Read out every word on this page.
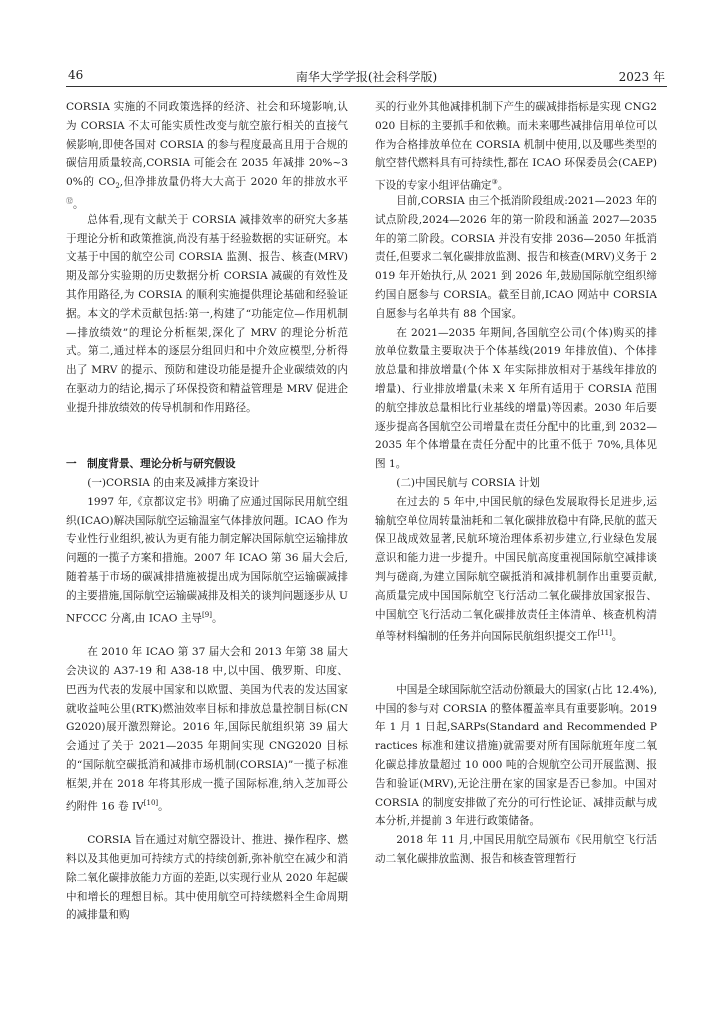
46	南华大学学报(社会科学版)	2023 年

CORSIA 实施的不同政策选择的经济、社会和环境影响,认为 CORSIA 不太可能实质性改变与航空旅行相关的直接气候影响,即使各国对 CORSIA 的参与程度最高且用于合规的碳信用质量较高,CORSIA 可能会在 2035 年减排 20%~30%的 $CO_2$,但净排放量仍将大大高于 2020 年的排放水平⑫。

总体看,现有文献关于 CORSIA 减排效率的研究大多基于理论分析和政策推演,尚没有基于经验数据的实证研究。本文基于中国的航空公司 CORSIA 监测、报告、核查(MRV)期及部分实验期的历史数据分析 CORSIA 减碳的有效性及其作用路径,为 CORSIA 的顺利实施提供理论基础和经验证据。本文的学术贡献包括:第一,构建了“功能定位—作用机制—排放绩效”的理论分析框架,深化了 MRV 的理论分析范式。第二,通过样本的逐层分组回归和中介效应模型,分析得出了 MRV 的提示、预防和建设功能是提升企业碳绩效的内在驱动力的结论,揭示了环保投资和精益管理是 MRV 促进企业提升排放绩效的传导机制和作用路径。

一　制度背景、理论分析与研究假设

(一)CORSIA 的由来及减排方案设计

1997 年,《京都议定书》明确了应通过国际民用航空组织(ICAO)解决国际航空运输温室气体排放问题。ICAO 作为专业性行业组织,被认为更有能力制定解决国际航空运输排放问题的一揽子方案和措施。2007 年 ICAO 第 36 届大会后,随着基于市场的碳减排措施被提出成为国际航空运输碳减排的主要措施,国际航空运输碳减排及相关的谈判问题逐步从 UNFCCC 分离,由 ICAO 主导[9]。

在 2010 年 ICAO 第 37 届大会和 2013 年第 38 届大会决议的 A37-19 和 A38-18 中,以中国、俄罗斯、印度、巴西为代表的发展中国家和以欧盟、美国为代表的发达国家就收益吨公里(RTK)燃油效率目标和排放总量控制目标(CNG2020)展开激烈辩论。2016 年,国际民航组织第 39 届大会通过了关于 2021—2035 年期间实现 CNG2020 目标的“国际航空碳抵消和减排市场机制(CORSIA)”一揽子标准框架,并在 2018 年将其形成一揽子国际标准,纳入芝加哥公约附件 16 卷 IV[10]。

CORSIA 旨在通过对航空器设计、推进、操作程序、燃料以及其他更加可持续方式的持续创新,弥补航空在减少和消除二氧化碳排放能力方面的差距,以实现行业从 2020 年起碳中和增长的理想目标。其中使用航空可持续燃料全生命周期的减排量和购

买的行业外其他减排机制下产生的碳减排指标是实现 CNG2020 目标的主要抓手和依赖。而未来哪些减排信用单位可以作为合格排放单位在 CORSIA 机制中使用,以及哪些类型的航空替代燃料具有可持续性,都在 ICAO 环保委员会(CAEP)下设的专家小组评估确定③。

目前,CORSIA 由三个抵消阶段组成:2021—2023 年的试点阶段,2024—2026 年的第一阶段和涵盖 2027—2035 年的第二阶段。CORSIA 并没有安排 2036—2050 年抵消责任,但要求二氧化碳排放监测、报告和核查(MRV)义务于 2019 年开始执行,从 2021 到 2026 年,鼓励国际航空组织缔约国自愿参与 CORSIA。截至目前,ICAO 网站中 CORSIA 自愿参与名单共有 88 个国家。

在 2021—2035 年期间,各国航空公司(个体)购买的排放单位数量主要取决于个体基线(2019 年排放值)、个体排放总量和排放增量(个体 X 年实际排放相对于基线年排放的增量)、行业排放增量(未来 X 年所有适用于 CORSIA 范围的航空排放总量相比行业基线的增量)等因素。2030 年后要逐步提高各国航空公司增量在责任分配中的比重,到 2032—2035 年个体增量在责任分配中的比重不低于 70%,具体见图 1。

(二)中国民航与 CORSIA 计划

在过去的 5 年中,中国民航的绿色发展取得长足进步,运输航空单位周转量油耗和二氧化碳排放稳中有降,民航的蓝天保卫战成效显著,民航环境治理体系初步建立,行业绿色发展意识和能力进一步提升。中国民航高度重视国际航空减排谈判与磋商,为建立国际航空碳抵消和减排机制作出重要贡献,高质量完成中国国际航空飞行活动二氧化碳排放国家报告、中国航空飞行活动二氧化碳排放责任主体清单、核查机构清单等材料编制的任务并向国际民航组织提交工作[11]。

中国是全球国际航空活动份额最大的国家(占比 12.4%),中国的参与对 CORSIA 的整体覆盖率具有重要影响。2019 年 1 月 1 日起,SARPs(Standard and Recommended Practices 标准和建议措施)就需要对所有国际航班年度二氧化碳总排放量超过 10 000 吨的合规航空公司开展监测、报告和验证(MRV),无论注册在家的国家是否已参加。中国对 CORSIA 的制度安排做了充分的可行性论证、减排贡献与成本分析,并提前 3 年进行政策储备。

2018 年 11 月,中国民用航空局颁布《民用航空飞行活动二氧化碳排放监测、报告和核查管理暂行
